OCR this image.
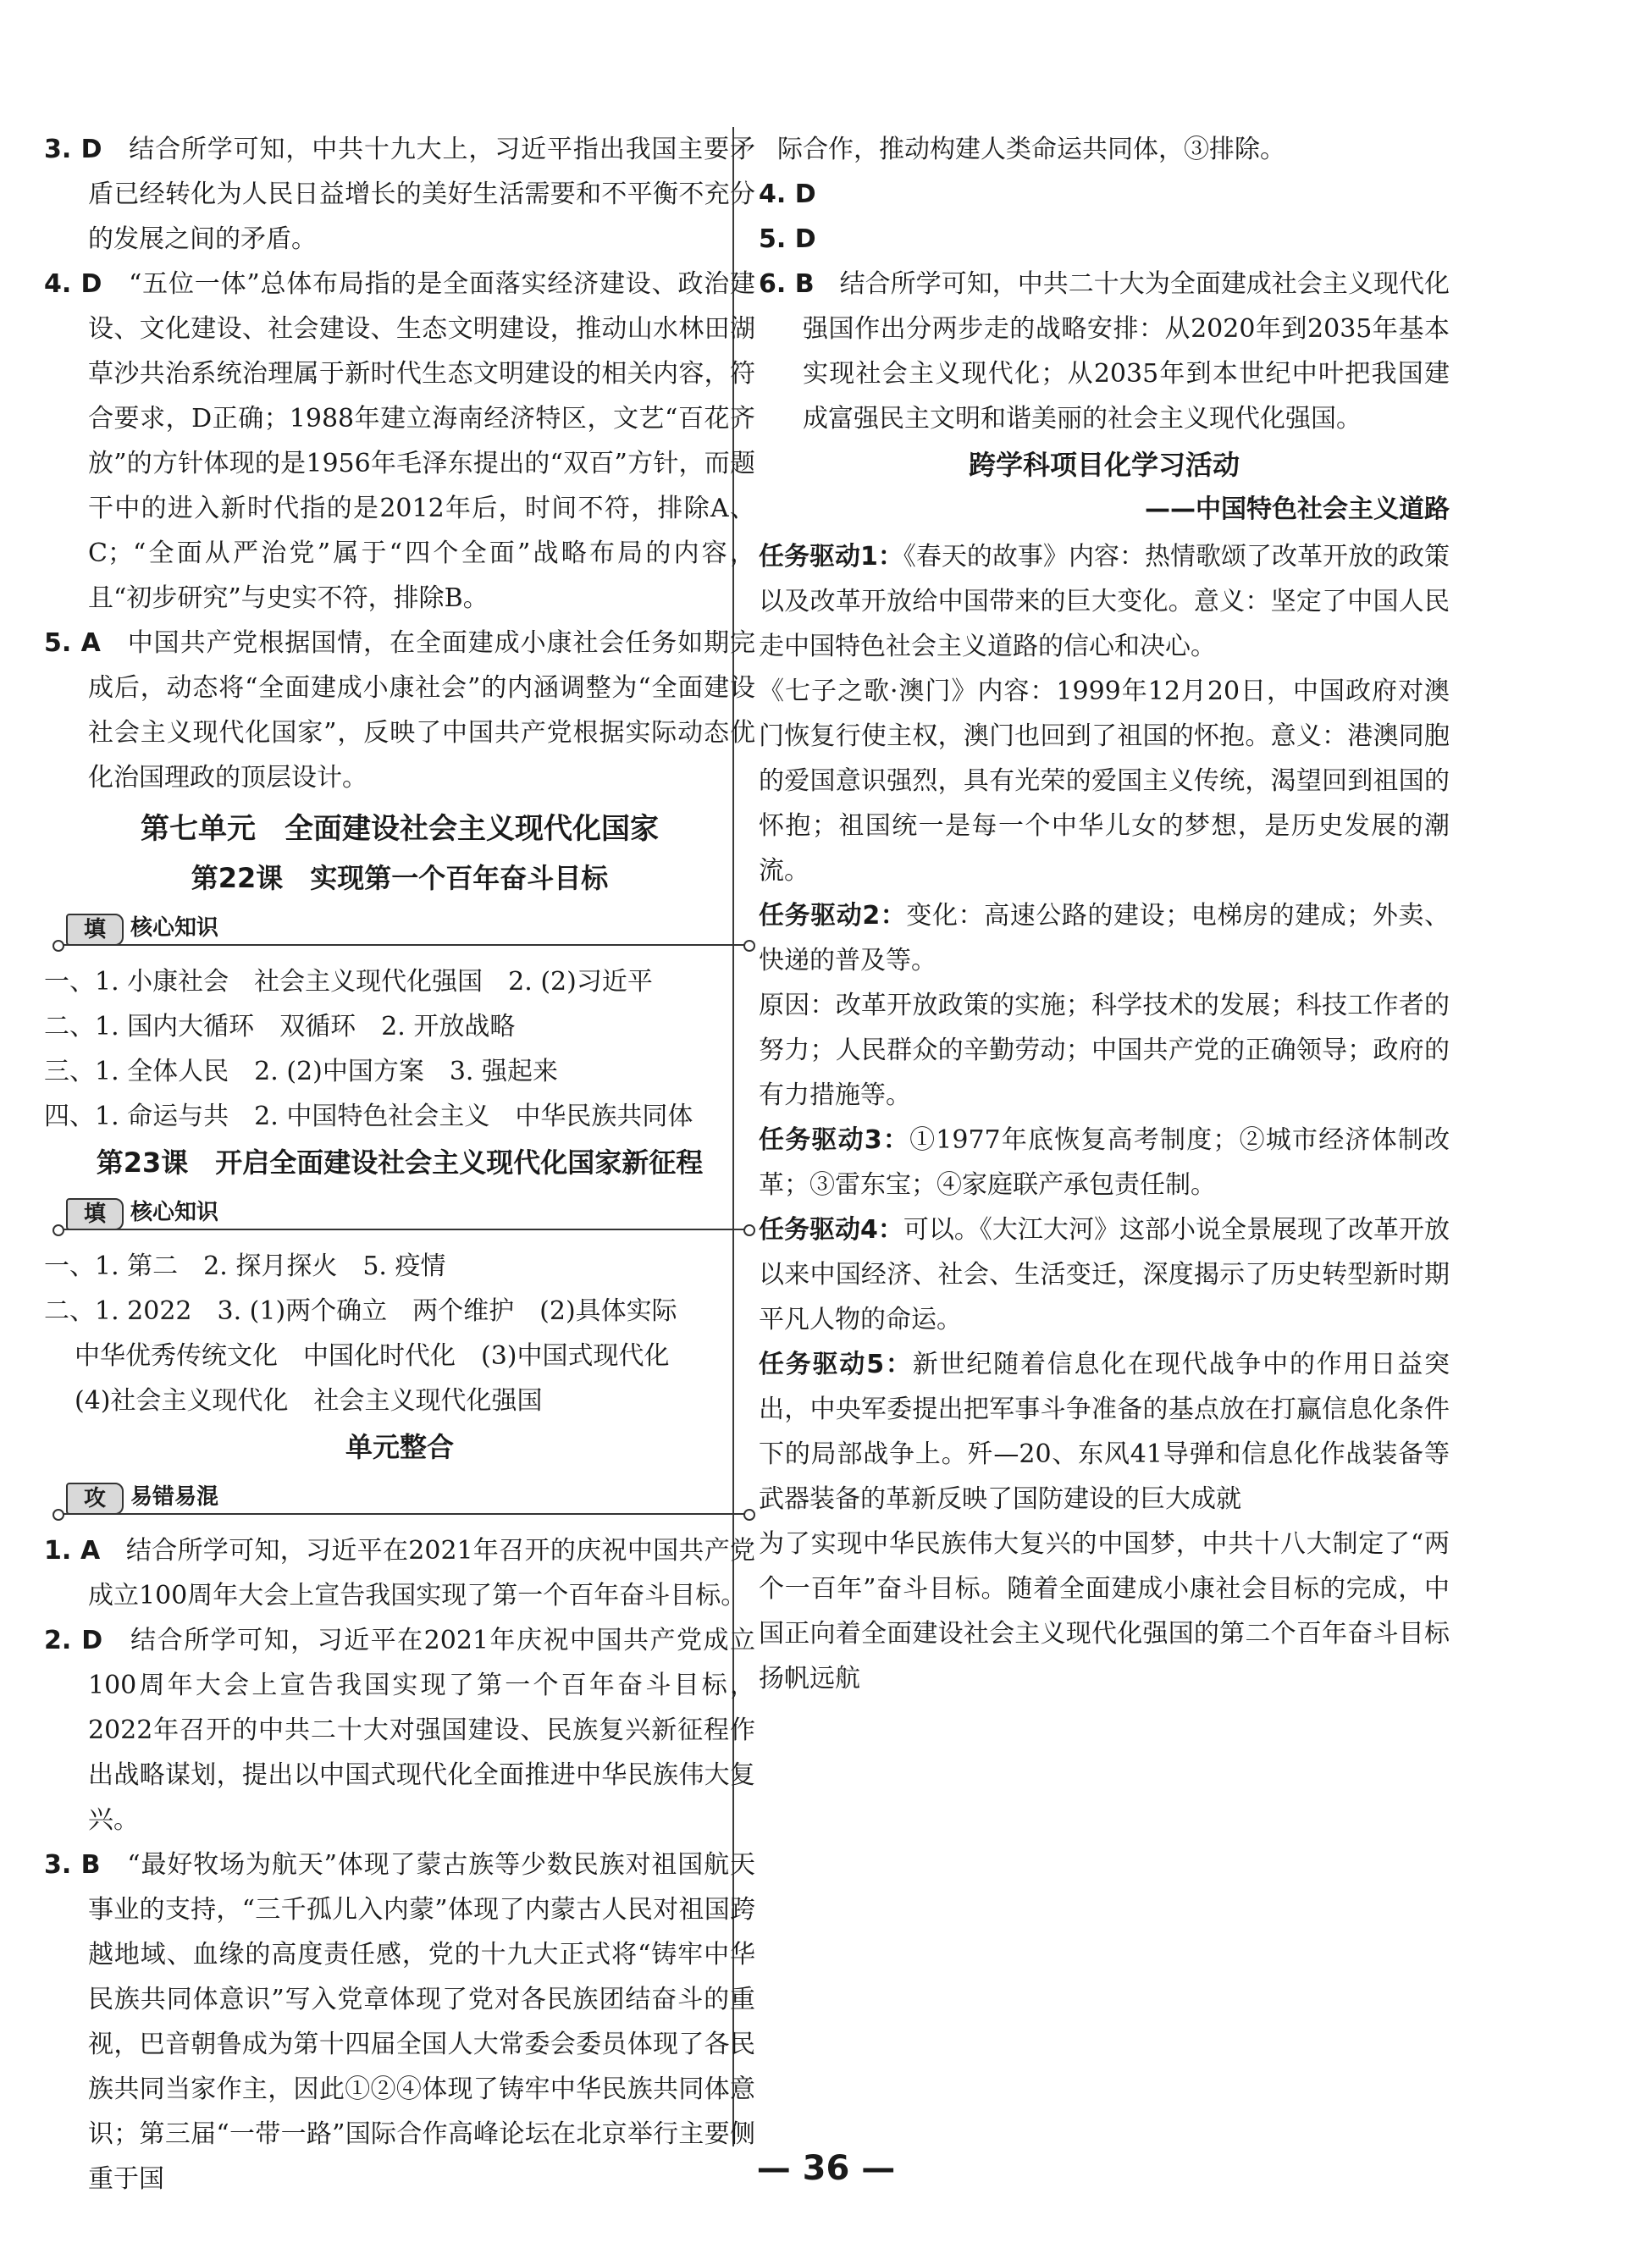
3. D　 结合所学可知，中共十九大上，习近平指出我国主要矛盾已经转化为人民日益增长的美好生活需要和不平衡不充分的发展之间的矛盾。

4. D　 “五位一体”总体布局指的是全面落实经济建设、政治建设、文化建设、社会建设、生态文明建设，推动山水林田湖草沙共治系统治理属于新时代生态文明建设的相关内容，符合要求，D正确；1988年建立海南经济特区，文艺“百花齐放”的方针体现的是1956年毛泽东提出的“双百”方针，而题干中的进入新时代指的是2012年后，时间不符，排除A、C；“全面从严治党”属于“四个全面”战略布局的内容，且“初步研究”与史实不符，排除B。

5. A　 中国共产党根据国情，在全面建成小康社会任务如期完成后，动态将“全面建成小康社会”的内涵调整为“全面建设社会主义现代化国家”，反映了中国共产党根据实际动态优化治国理政的顶层设计。

第七单元　全面建设社会主义现代化国家
第22课　实现第一个百年奋斗目标
填	核心知识

一、1. 小康社会　社会主义现代化强国　2. (2)习近平

二、1. 国内大循环　双循环　2. 开放战略

三、1. 全体人民　2. (2)中国方案　3. 强起来

四、1. 命运与共　2. 中国特色社会主义　中华民族共同体

第23课　开启全面建设社会主义现代化国家新征程
填	核心知识

一、1. 第二　2. 探月探火　5. 疫情

二、1. 2022　3. (1)两个确立　两个维护　(2)具体实际

中华优秀传统文化　中国化时代化　(3)中国式现代化

(4)社会主义现代化　社会主义现代化强国

单元整合
攻	易错易混

1. A　 结合所学可知，习近平在2021年召开的庆祝中国共产党成立100周年大会上宣告我国实现了第一个百年奋斗目标。

2. D　 结合所学可知，习近平在2021年庆祝中国共产党成立100周年大会上宣告我国实现了第一个百年奋斗目标，2022年召开的中共二十大对强国建设、民族复兴新征程作出战略谋划，提出以中国式现代化全面推进中华民族伟大复兴。

3. B　 “最好牧场为航天”体现了蒙古族等少数民族对祖国航天事业的支持，“三千孤儿入内蒙”体现了内蒙古人民对祖国跨越地域、血缘的高度责任感，党的十九大正式将“铸牢中华民族共同体意识”写入党章体现了党对各民族团结奋斗的重视，巴音朝鲁成为第十四届全国人大常委会委员体现了各民族共同当家作主，因此①②④体现了铸牢中华民族共同体意识；第三届“一带一路”国际合作高峰论坛在北京举行主要侧重于国

际合作，推动构建人类命运共同体，③排除。

4. D

5. D

6. B　 结合所学可知，中共二十大为全面建成社会主义现代化强国作出分两步走的战略安排：从2020年到2035年基本实现社会主义现代化；从2035年到本世纪中叶把我国建成富强民主文明和谐美丽的社会主义现代化强国。

跨学科项目化学习活动
——中国特色社会主义道路

任务驱动1：《春天的故事》内容：热情歌颂了改革开放的政策以及改革开放给中国带来的巨大变化。意义：坚定了中国人民走中国特色社会主义道路的信心和决心。

《七子之歌·澳门》内容：1999年12月20日，中国政府对澳门恢复行使主权，澳门也回到了祖国的怀抱。意义：港澳同胞的爱国意识强烈，具有光荣的爱国主义传统，渴望回到祖国的怀抱；祖国统一是每一个中华儿女的梦想，是历史发展的潮流。

任务驱动2：变化：高速公路的建设；电梯房的建成；外卖、快递的普及等。

原因：改革开放政策的实施；科学技术的发展；科技工作者的努力；人民群众的辛勤劳动；中国共产党的正确领导；政府的有力措施等。

任务驱动3：①1977年底恢复高考制度；②城市经济体制改革；③雷东宝；④家庭联产承包责任制。

任务驱动4：可以。《大江大河》这部小说全景展现了改革开放以来中国经济、社会、生活变迁，深度揭示了历史转型新时期平凡人物的命运。

任务驱动5：新世纪随着信息化在现代战争中的作用日益突出，中央军委提出把军事斗争准备的基点放在打赢信息化条件下的局部战争上。歼—20、东风41导弹和信息化作战装备等武器装备的革新反映了国防建设的巨大成就

为了实现中华民族伟大复兴的中国梦，中共十八大制定了“两个一百年”奋斗目标。随着全面建成小康社会目标的完成，中国正向着全面建设社会主义现代化强国的第二个百年奋斗目标扬帆远航

— 36 —
